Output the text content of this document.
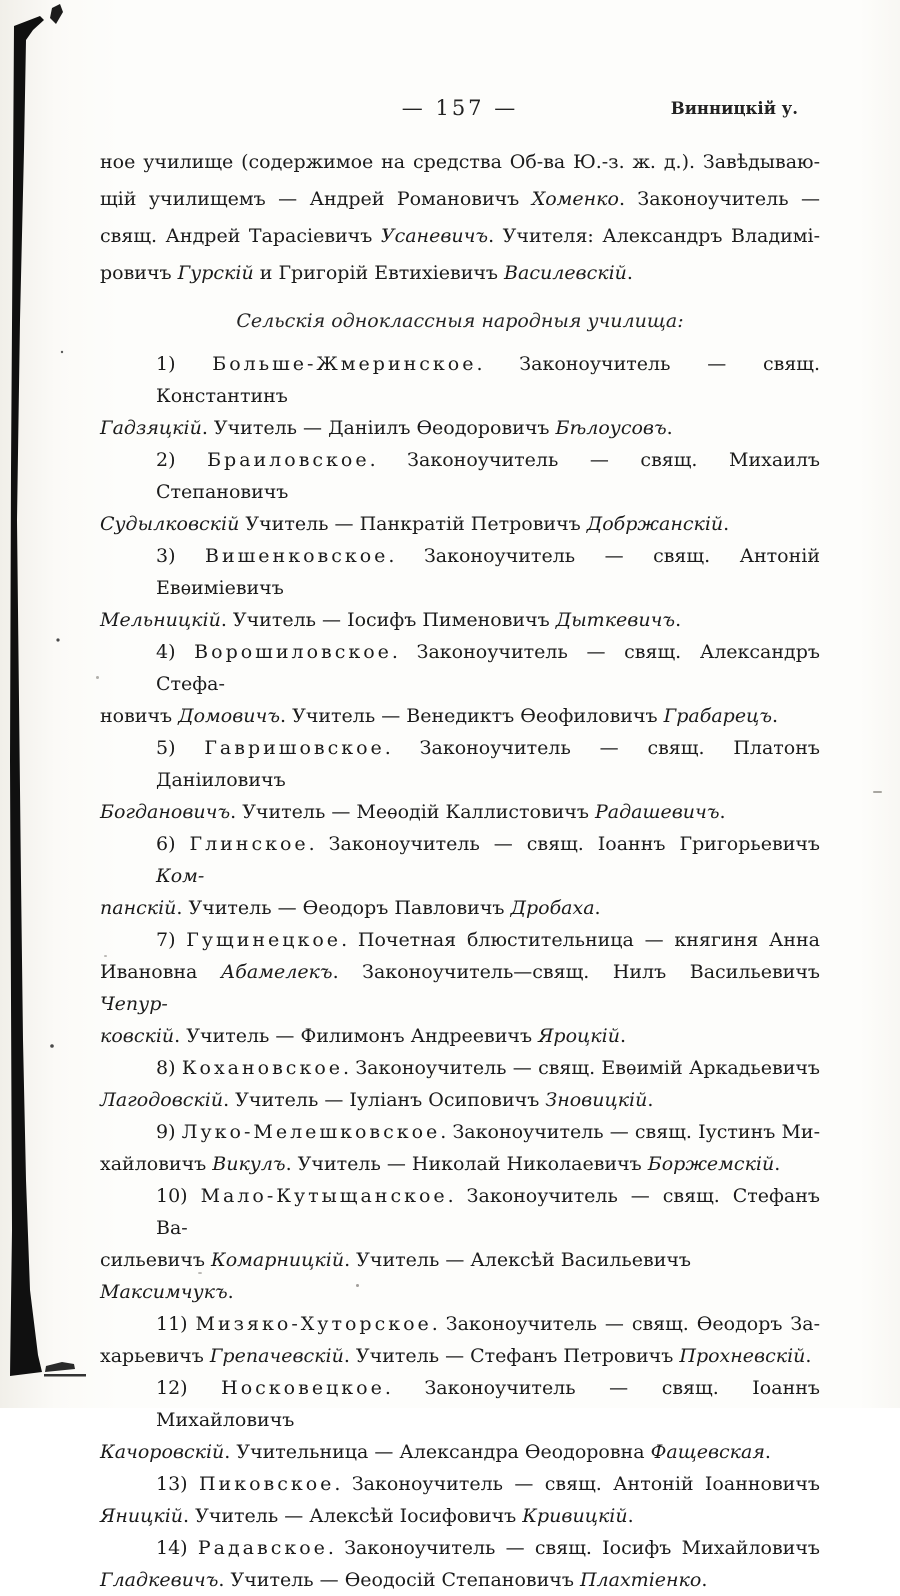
— 157 —	Винницкій у.
ное училище (содержимое на средства Об-ва Ю.-з. ж. д.). Завѣдываю-
щій училищемъ — Андрей Романовичъ Хоменко. Законоучитель —
свящ. Андрей Тарасіевичъ Усаневичъ. Учителя: Александръ Владимі-
ровичъ Гурскій и Григорій Евтихіевичъ Василевскій.
Сельскія одноклассныя народныя училища:
1) Больше-Жмеринское. Законоучитель — свящ. Константинъ
Гадзяцкій. Учитель — Даніилъ Ѳеодоровичъ Бѣлоусовъ.
2) Браиловское. Законоучитель — свящ. Михаилъ Степановичъ
Судылковскій Учитель — Панкратій Петровичъ Добржанскій.
3) Вишенковское. Законоучитель — свящ. Антоній Евѳиміевичъ
Мельницкій. Учитель — Іосифъ Пименовичъ Дыткевичъ.
4) Ворошиловское. Законоучитель — свящ. Александръ Стефа-
новичъ Домовичъ. Учитель — Венедиктъ Ѳеофиловичъ Грабарецъ.
5) Гавришовское. Законоучитель — свящ. Платонъ Даніиловичъ
Богдановичъ. Учитель — Меѳодій Каллистовичъ Радашевичъ.
6) Глинское. Законоучитель — свящ. Іоаннъ Григорьевичъ Ком-
панскій. Учитель — Ѳеодоръ Павловичъ Дробаха.
7) Гущинецкое. Почетная блюстительница — княгиня Анна
Ивановна Абамелекъ. Законоучитель—свящ. Нилъ Васильевичъ Чепур-
ковскій. Учитель — Филимонъ Андреевичъ Яроцкій.
8) Кохановское. Законоучитель — свящ. Евѳимій Аркадьевичъ
Лагодовскій. Учитель — Іуліанъ Осиповичъ Зновицкій.
9) Луко-Мелешковское. Законоучитель — свящ. Іустинъ Ми-
хайловичъ Викулъ. Учитель — Николай Николаевичъ Боржемскій.
10) Мало-Кутыщанское. Законоучитель — свящ. Стефанъ Ва-
сильевичъ Комарницкій. Учитель — Алексѣй Васильевичъ Максимчукъ.
11) Мизяко-Хуторское. Законоучитель — свящ. Ѳеодоръ За-
харьевичъ Грепачевскій. Учитель — Стефанъ Петровичъ Прохневскій.
12) Носковецкое. Законоучитель — свящ. Іоаннъ Михайловичъ
Качоровскій. Учительница — Александра Ѳеодоровна Фащевская.
13) Пиковское. Законоучитель — свящ. Антоній Іоанновичъ
Яницкій. Учитель — Алексѣй Іосифовичъ Кривицкій.
14) Радавское. Законоучитель — свящ. Іосифъ Михайловичъ
Гладкевичъ. Учитель — Ѳеодосій Степановичъ Плахтіенко.
